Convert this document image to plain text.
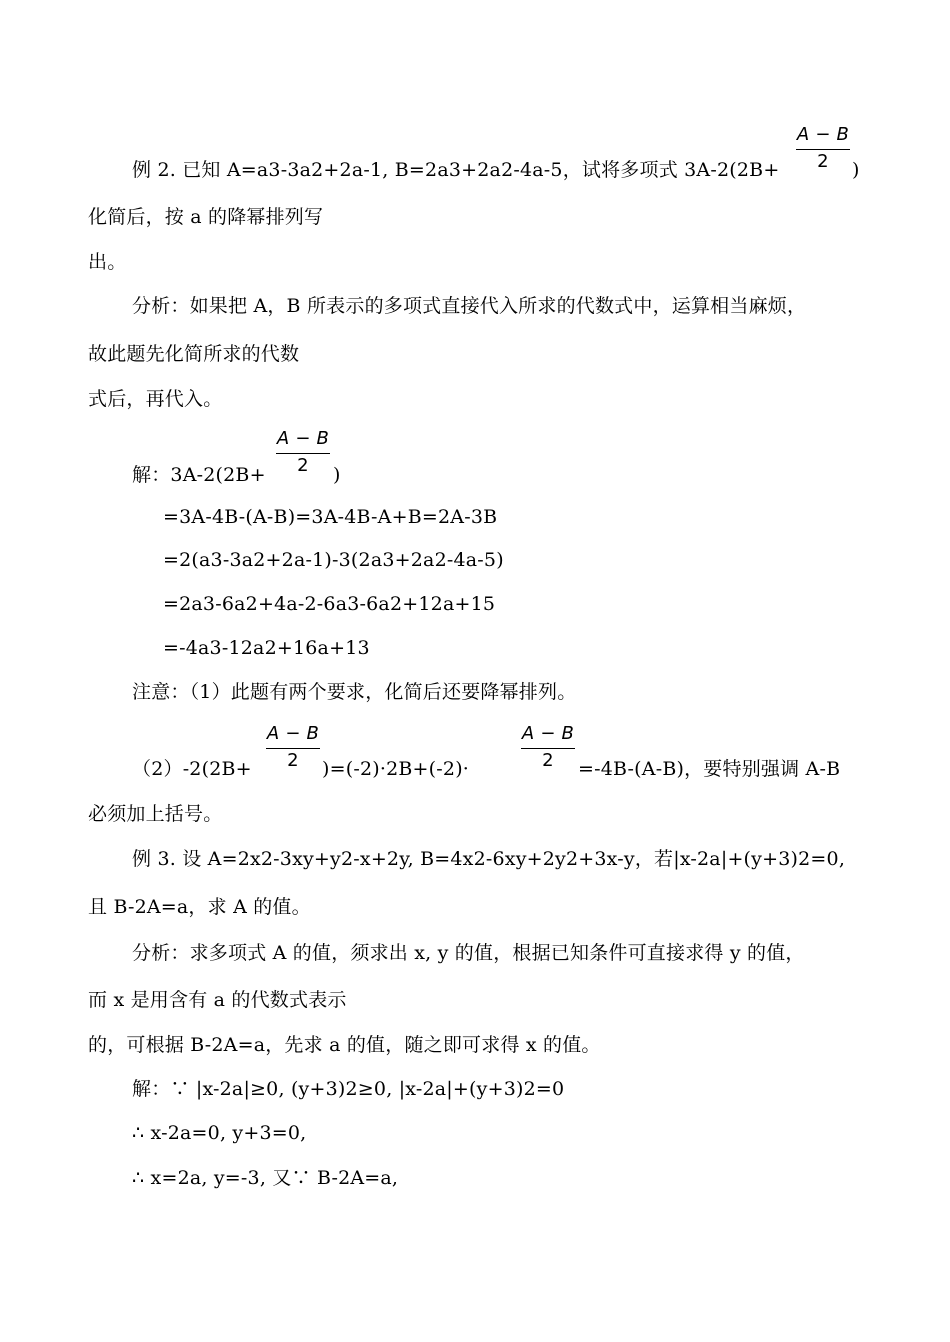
例 2. 已知 A=a3-3a2+2a-1, B=2a3+2a2-4a-5，试将多项式 $3A-2(2B+ \frac{A - B}{2}$ )
化简后，按 a 的降幂排列写
出。
分析：如果把 A，B 所表示的多项式直接代入所求的代数式中，运算相当麻烦，
故此题先化简所求的代数
式后，再代入。
解：$3A-2(2B+ \frac{A - B}{2}$ )
=3A-4B-(A-B)=3A-4B-A+B=2A-3B
=2(a3-3a2+2a-1)-3(2a3+2a2-4a-5)
=2a3-6a2+4a-2-6a3-6a2+12a+15
=-4a3-12a2+16a+13
注意：（1）此题有两个要求，化简后还要降幂排列。
$(2)-2(2B+ \frac{A - B}{2} )=(-2)\cdot 2B+(-2)\cdot$	=-4B-(A-B)，要特别强调 A-B
$\frac{A - B}{2}$
必须加上括号。
例 3. 设 A=2x2-3xy+y2-x+2y, B=4x2-6xy+2y2+3x-y，若|x-2a|+(y+3)2=0,
且 B-2A=a，求 A 的值。
分析：求多项式 A 的值，须求出 x, y 的值，根据已知条件可直接求得 y 的值，
而 x 是用含有 a 的代数式表示
的，可根据 B-2A=a，先求 a 的值，随之即可求得 x 的值。
解：∵ |x-2a|≥0, (y+3)2≥0, |x-2a|+(y+3)2=0
∴ x-2a=0, y+3=0,
∴ x=2a, y=-3, 又∵ B-2A=a,
